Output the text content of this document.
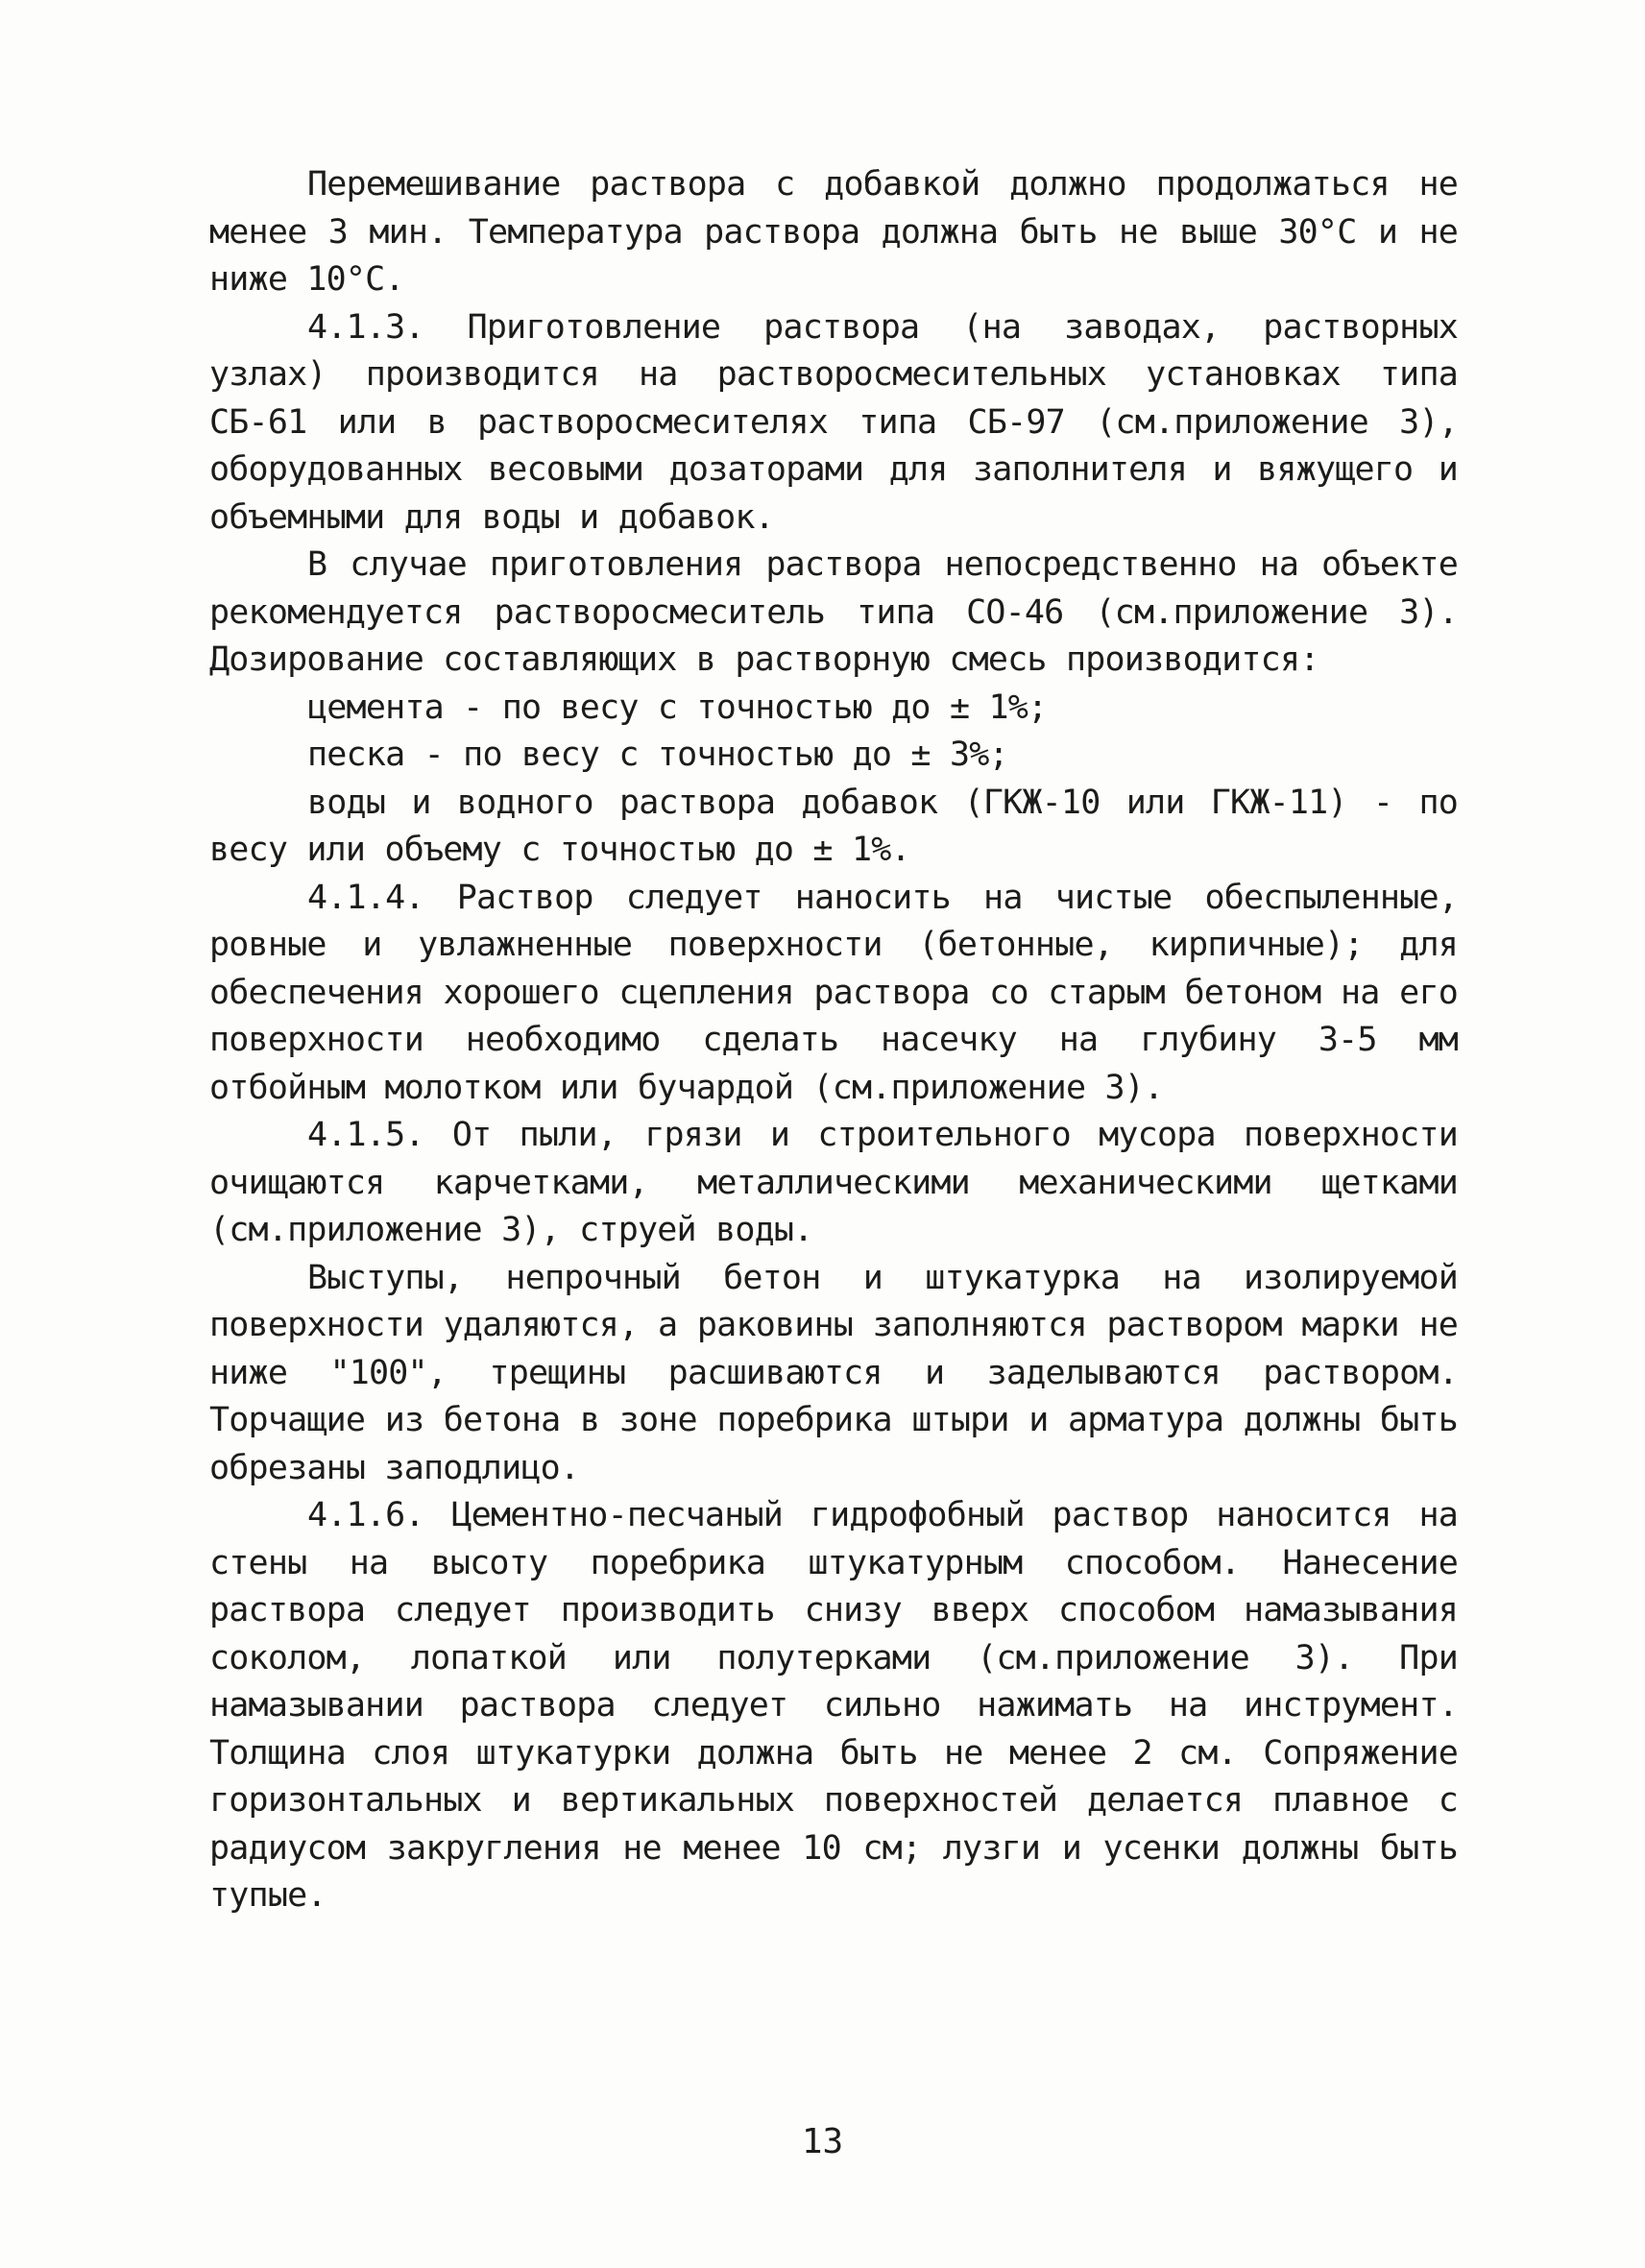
Перемешивание раствора с добавкой должно продолжаться не менее 3 мин. Температура раствора должна быть не выше 30°С и не ниже 10°С.

4.1.3. Приготовление раствора (на заводах, растворных узлах) производится на растворосмесительных установках типа СБ-61 или в растворосмесителях типа СБ-97 (см.приложение 3), оборудованных весовыми дозаторами для заполнителя и вяжущего и объемными для воды и добавок.

В случае приготовления раствора непосредственно на объекте рекомендуется растворосмеситель типа СО-46 (см.приложение 3). Дозирование составляющих в растворную смесь производится:

цемента - по весу с точностью до ± 1%;

песка - по весу с точностью до ± 3%;

воды и водного раствора добавок (ГКЖ-10 или ГКЖ-11) - по весу или объему с точностью до ± 1%.

4.1.4. Раствор следует наносить на чистые обеспыленные, ровные и увлажненные поверхности (бетонные, кирпичные); для обеспечения хорошего сцепления раствора со старым бетоном на его поверхности необходимо сделать насечку на глубину 3-5 мм отбойным молотком или бучардой (см.приложение 3).

4.1.5. От пыли, грязи и строительного мусора поверхности очищаются карчетками, металлическими механическими щетками (см.приложение 3), струей воды.

Выступы, непрочный бетон и штукатурка на изолируемой поверхности удаляются, а раковины заполняются раствором марки не ниже "100", трещины расшиваются и заделываются раствором. Торчащие из бетона в зоне поребрика штыри и арматура должны быть обрезаны заподлицо.

4.1.6. Цементно-песчаный гидрофобный раствор наносится на стены на высоту поребрика штукатурным способом. Нанесение раствора следует производить снизу вверх способом намазывания соколом, лопаткой или полутерками (см.приложение 3). При намазывании раствора следует сильно нажимать на инструмент. Толщина слоя штукатурки должна быть не менее 2 см. Сопряжение горизонтальных и вертикальных поверхностей делается плавное с радиусом закругления не менее 10 см; лузги и усенки должны быть тупые.

13
